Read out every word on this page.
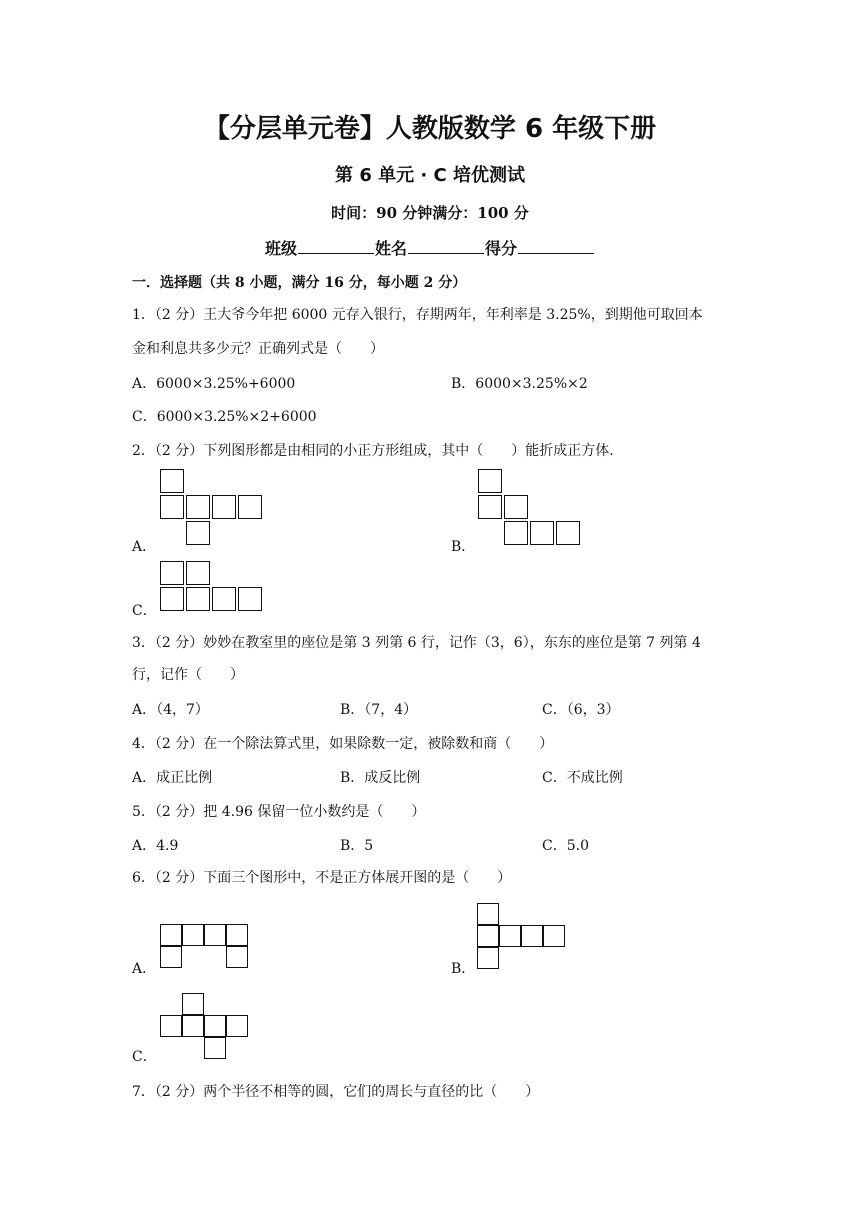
【分层单元卷】人教版数学 6 年级下册
第 6 单元 · C 培优测试
时间：90 分钟满分：100 分
班级	姓名	得分
一．选择题（共 8 小题，满分 16 分，每小题 2 分）
1．（2 分）王大爷今年把 6000 元存入银行，存期两年，年利率是 3.25%，到期他可取回本
金和利息共多少元？正确列式是（　　）
A．6000×3.25%+6000	B．6000×3.25%×2
C．6000×3.25%×2+6000
2．（2 分）下列图形都是由相同的小正方形组成，其中（　　）能折成正方体.
A．	B．
C．
3．（2 分）妙妙在教室里的座位是第 3 列第 6 行，记作（3，6），东东的座位是第 7 列第 4
行，记作（　　）
A．（4，7）	B．（7，4）	C．（6，3）
4．（2 分）在一个除法算式里，如果除数一定，被除数和商（　　）
A．成正比例	B．成反比例	C．不成比例
5．（2 分）把 4.96 保留一位小数约是（　　）
A．4.9	B．5	C．5.0
6．（2 分）下面三个图形中，不是正方体展开图的是（　　）
A．	B．
C．
7．（2 分）两个半径不相等的圆，它们的周长与直径的比（　　）
